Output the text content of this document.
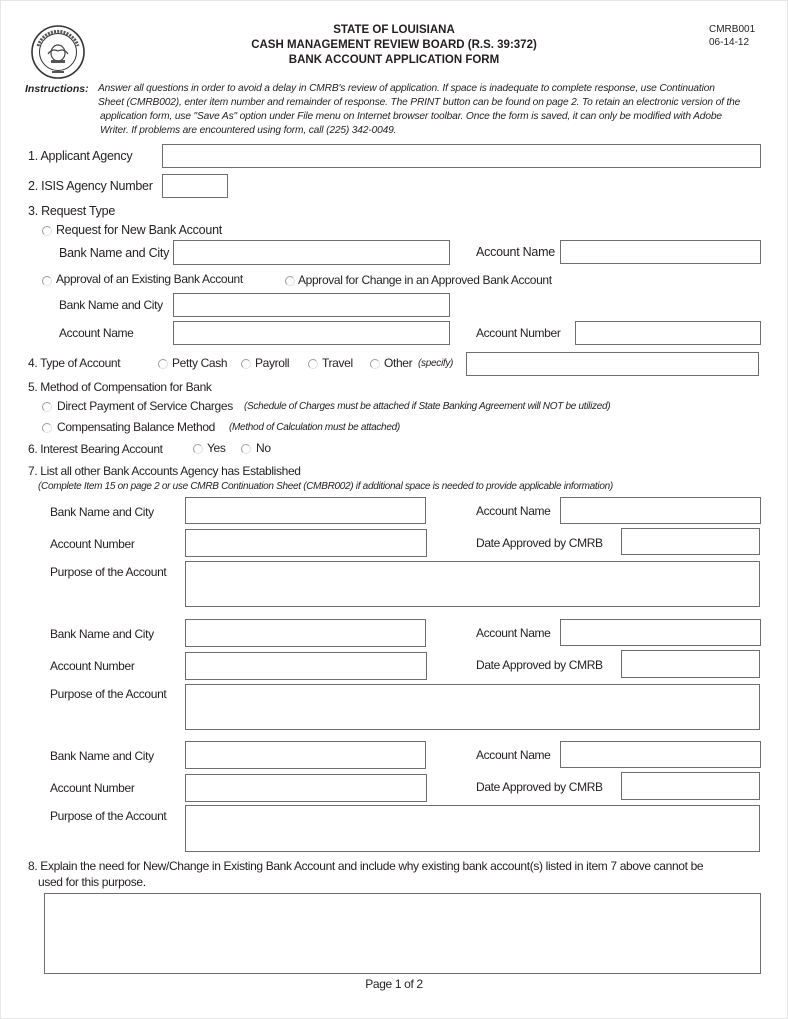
STATE OF LOUISIANA
CASH MANAGEMENT REVIEW BOARD (R.S. 39:372)
BANK ACCOUNT APPLICATION FORM
CMRB001
06-14-12
Instructions: Answer all questions in order to avoid a delay in CMRB's review of application. If space is inadequate to complete response, use Continuation
Sheet (CMRB002), enter item number and remainder of response. The PRINT button can be found on page 2. To retain an electronic version of the
application form, use "Save As" option under File menu on Internet browser toolbar. Once the form is saved, it can only be modified with Adobe
Writer. If problems are encountered using form, call (225) 342-0049.
1. Applicant Agency
2. ISIS Agency Number
3. Request Type
Request for New Bank Account
Bank Name and City	Account Name
Approval of an Existing Bank Account	Approval for Change in an Approved Bank Account
Bank Name and City
Account Name	Account Number
4. Type of Account	Petty Cash Payroll	Travel	Other (specify)
5. Method of Compensation for Bank
Direct Payment of Service Charges (Schedule of Charges must be attached if State Banking Agreement will NOT be utilized)
Compensating Balance Method (Method of Calculation must be attached)
6. Interest Bearing Account	Yes	No
7. List all other Bank Accounts Agency has Established
(Complete Item 15 on page 2 or use CMRB Continuation Sheet (CMBR002) if additional space is needed to provide applicable information)
Bank Name and City	Account Name
Account Number	Date Approved by CMRB
Purpose of the Account
Bank Name and City	Account Name
Account Number	Date Approved by CMRB
Purpose of the Account
Bank Name and City	Account Name
Account Number	Date Approved by CMRB
Purpose of the Account
8. Explain the need for New/Change in Existing Bank Account and include why existing bank account(s) listed in item 7 above cannot be
used for this purpose.
Page 1 of 2
